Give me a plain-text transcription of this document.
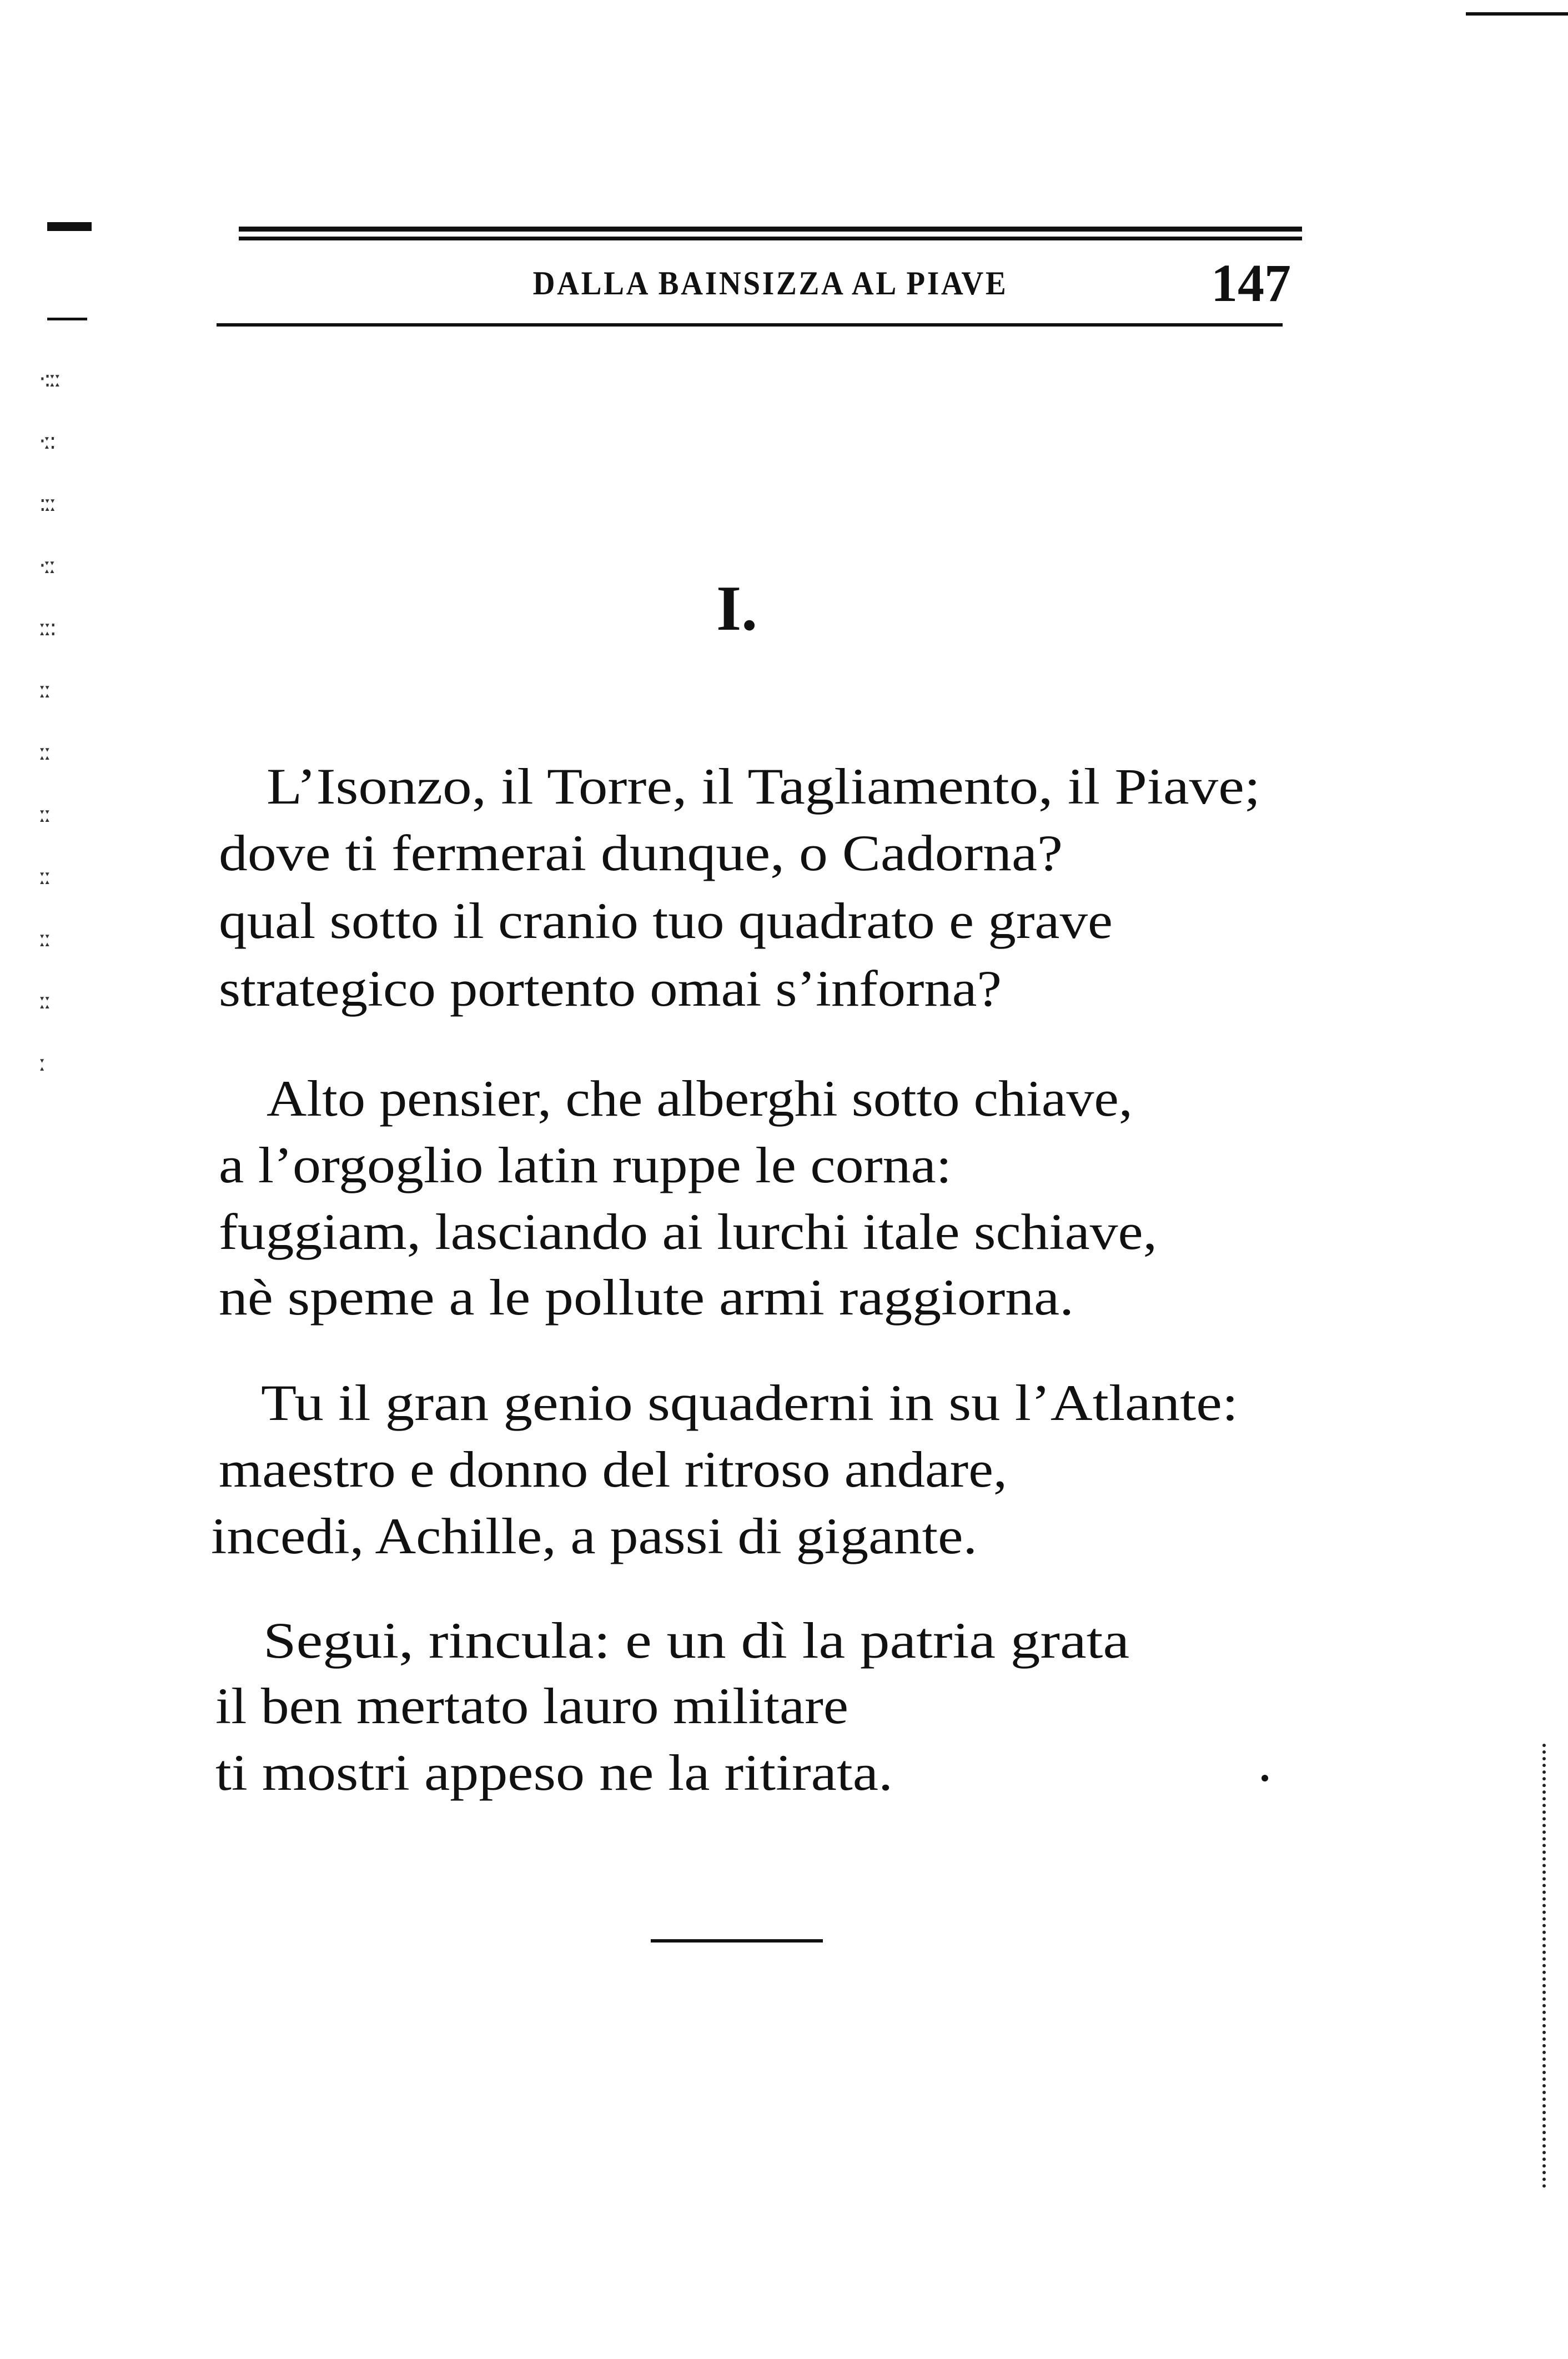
·:ːː
·ː:
:ːː
·ːː
ːː:
ːː
ːː
ːː
ːː
ːː
ːː
ː
DALLA BAINSIZZA AL PIAVE	147
I.
L’Isonzo, il Torre, il Tagliamento, il Piave;
dove ti fermerai dunque, o Cadorna?
qual sotto il cranio tuo quadrato e grave
strategico portento omai s’inforna?
Alto pensier, che alberghi sotto chiave,
a l’orgoglio latin ruppe le corna:
fuggiam, lasciando ai lurchi itale schiave,
nè speme a le pollute armi raggiorna.
Tu il gran genio squaderni in su l’Atlante:
maestro e donno del ritroso andare,
incedi, Achille, a passi di gigante.
Segui, rincula: e un dì la patria grata
il ben mertato lauro militare
ti mostri appeso ne la ritirata.
